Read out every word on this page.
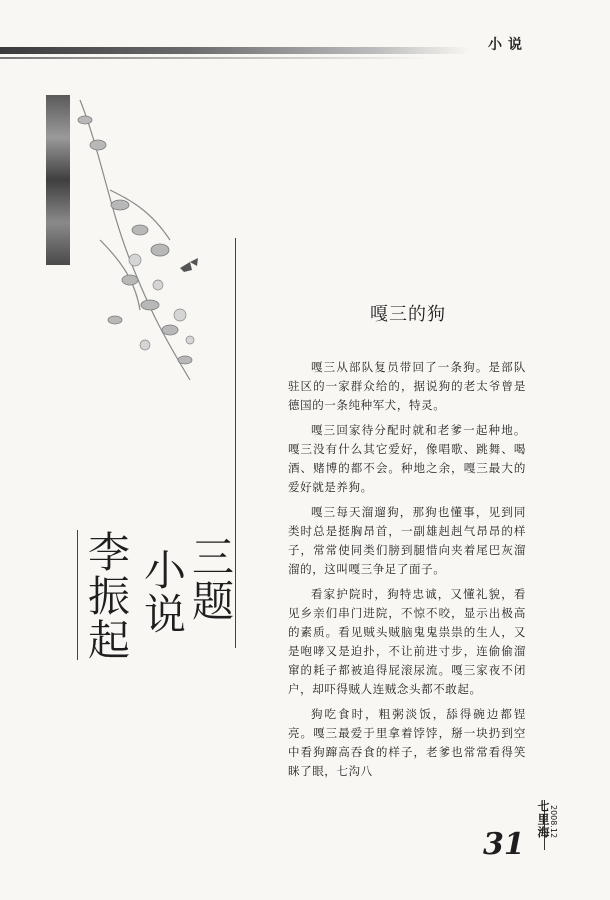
小说
三题
小说
李振起
嘎三的狗

嘎三从部队复员带回了一条狗。是部队驻区的一家群众给的，据说狗的老太爷曾是德国的一条纯种军犬，特灵。

嘎三回家待分配时就和老爹一起种地。嘎三没有什么其它爱好，像唱歌、跳舞、喝酒、赌博的都不会。种地之余，嘎三最大的爱好就是养狗。

嘎三每天溜遛狗，那狗也懂事，见到同类时总是挺胸昂首，一副雄赳赳气昂昂的样子，常常使同类们膀到腿惜向夹着尾巴灰溜溜的，这叫嘎三争足了面子。

看家护院时，狗特忠诚，又懂礼貌，看见乡亲们串门进院，不惊不咬，显示出极高的素质。看见贼头贼脑鬼鬼祟祟的生人，又是咆哮又是迫扑，不让前进寸步，连偷偷溜窜的耗子都被追得屁滚尿流。嘎三家夜不闭户，却吓得贼人连贼念头都不敢起。

狗吃食时，粗粥淡饭，舔得碗边都锃亮。嘎三最爱于里拿着饽饽，掰一块扔到空中看狗蹿高吞食的样子，老爹也常常看得笑眯了眼，七沟八

七里海 2008.12
31
